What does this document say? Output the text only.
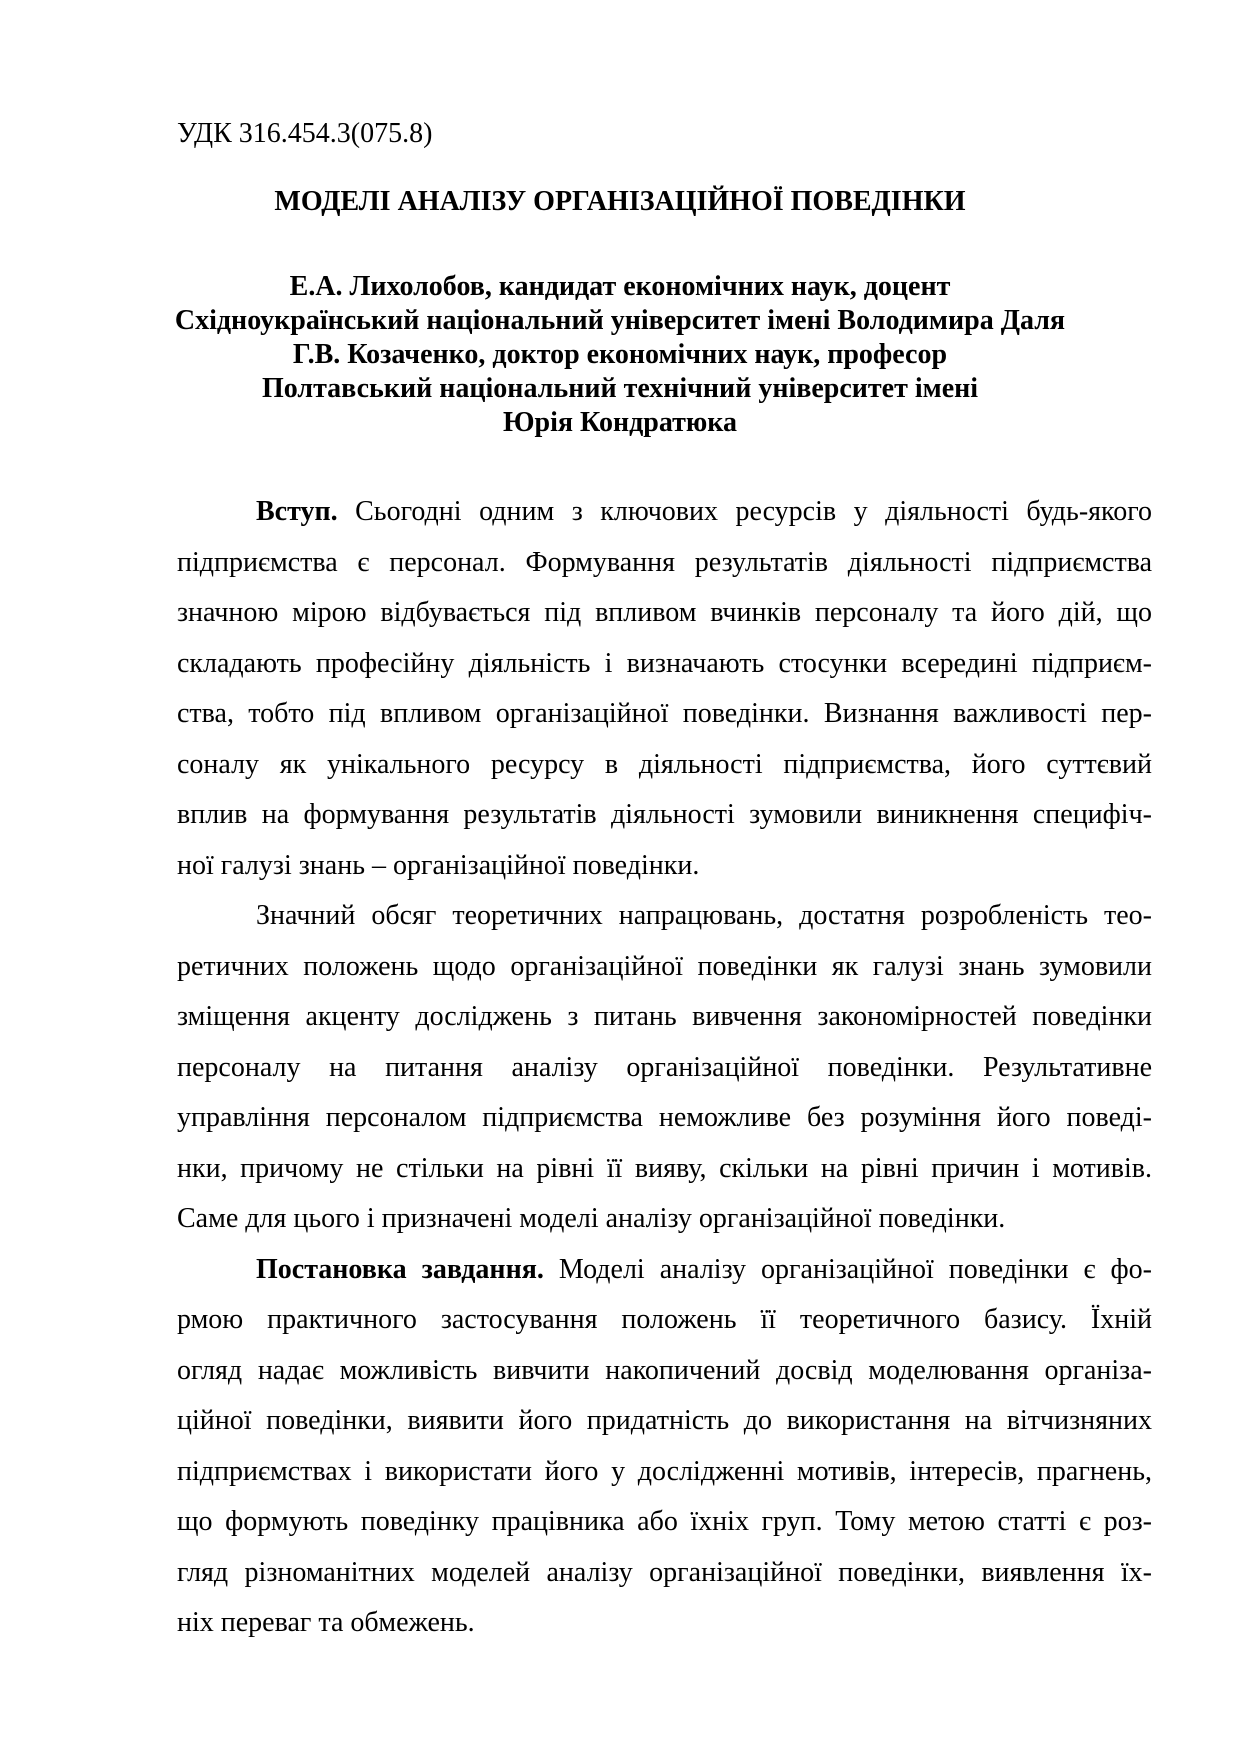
УДК 316.454.3(075.8)
МОДЕЛІ АНАЛІЗУ ОРГАНІЗАЦІЙНОЇ ПОВЕДІНКИ
Е.А. Лихолобов, кандидат економічних наук, доцент
Східноукраїнський національний університет імені Володимира Даля
Г.В. Козаченко, доктор економічних наук, професор
Полтавський національний технічний університет імені
Юрія Кондратюка
Вступ. Сьогодні одним з ключових ресурсів у діяльності будь-якого
підприємства є персонал. Формування результатів діяльності підприємства
значною мірою відбувається під впливом вчинків персоналу та його дій, що
складають професійну діяльність і визначають стосунки всередині підприєм-
ства, тобто під впливом організаційної поведінки. Визнання важливості пер-
соналу як унікального ресурсу в діяльності підприємства, його суттєвий
вплив на формування результатів діяльності зумовили виникнення специфіч-
ної галузі знань – організаційної поведінки.
Значний обсяг теоретичних напрацювань, достатня розробленість тео-
ретичних положень щодо організаційної поведінки як галузі знань зумовили
зміщення акценту досліджень з питань вивчення закономірностей поведінки
персоналу на питання аналізу організаційної поведінки. Результативне
управління персоналом підприємства неможливе без розуміння його поведі-
нки, причому не стільки на рівні її вияву, скільки на рівні причин і мотивів.
Саме для цього і призначені моделі аналізу організаційної поведінки.
Постановка завдання. Моделі аналізу організаційної поведінки є фо-
рмою практичного застосування положень її теоретичного базису. Їхній
огляд надає можливість вивчити накопичений досвід моделювання організа-
ційної поведінки, виявити його придатність до використання на вітчизняних
підприємствах і використати його у дослідженні мотивів, інтересів, прагнень,
що формують поведінку працівника або їхніх груп. Тому метою статті є роз-
гляд різноманітних моделей аналізу організаційної поведінки, виявлення їх-
ніх переваг та обмежень.
